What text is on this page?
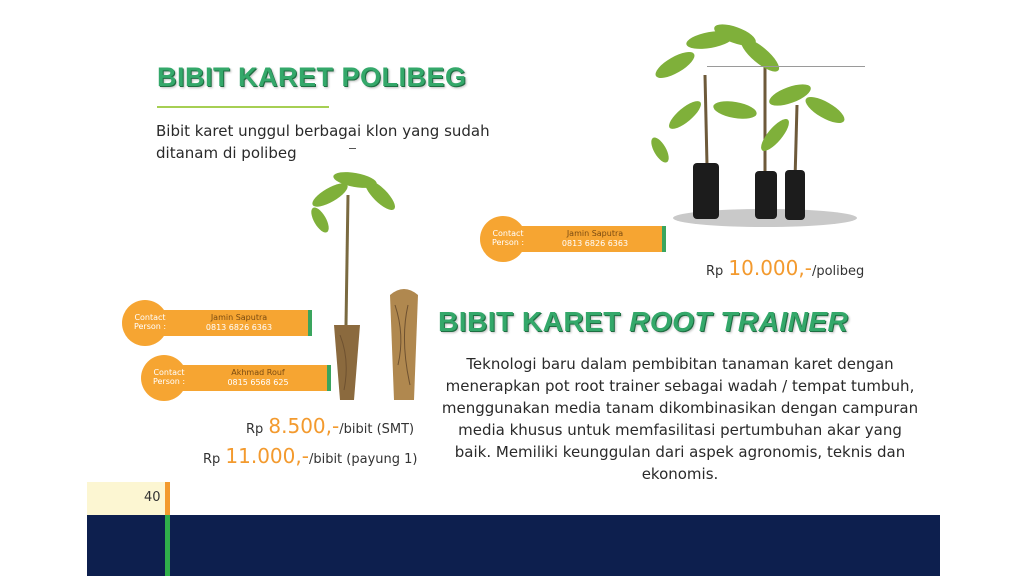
BIBIT KARET POLIBEG
Bibit karet unggul berbagai klon yang sudah ditanam di polibeg
Contact Person :
Jamin Saputra
0813 6826 6363
Rp 10.000,-/polibeg
Contact Person :
Jamin Saputra
0813 6826 6363
Contact Person :
Akhmad Rouf
0815 6568 625
BIBIT KARET ROOT TRAINER
Teknologi baru dalam pembibitan tanaman karet dengan menerapkan pot root trainer sebagai wadah / tempat tumbuh, menggunakan media tanam dikombinasikan dengan campuran media khusus untuk memfasilitasi pertumbuhan akar yang baik. Memiliki keunggulan dari aspek agronomis, teknis dan ekonomis.
Rp 8.500,-/bibit (SMT)
Rp 11.000,-/bibit (payung 1)
40
